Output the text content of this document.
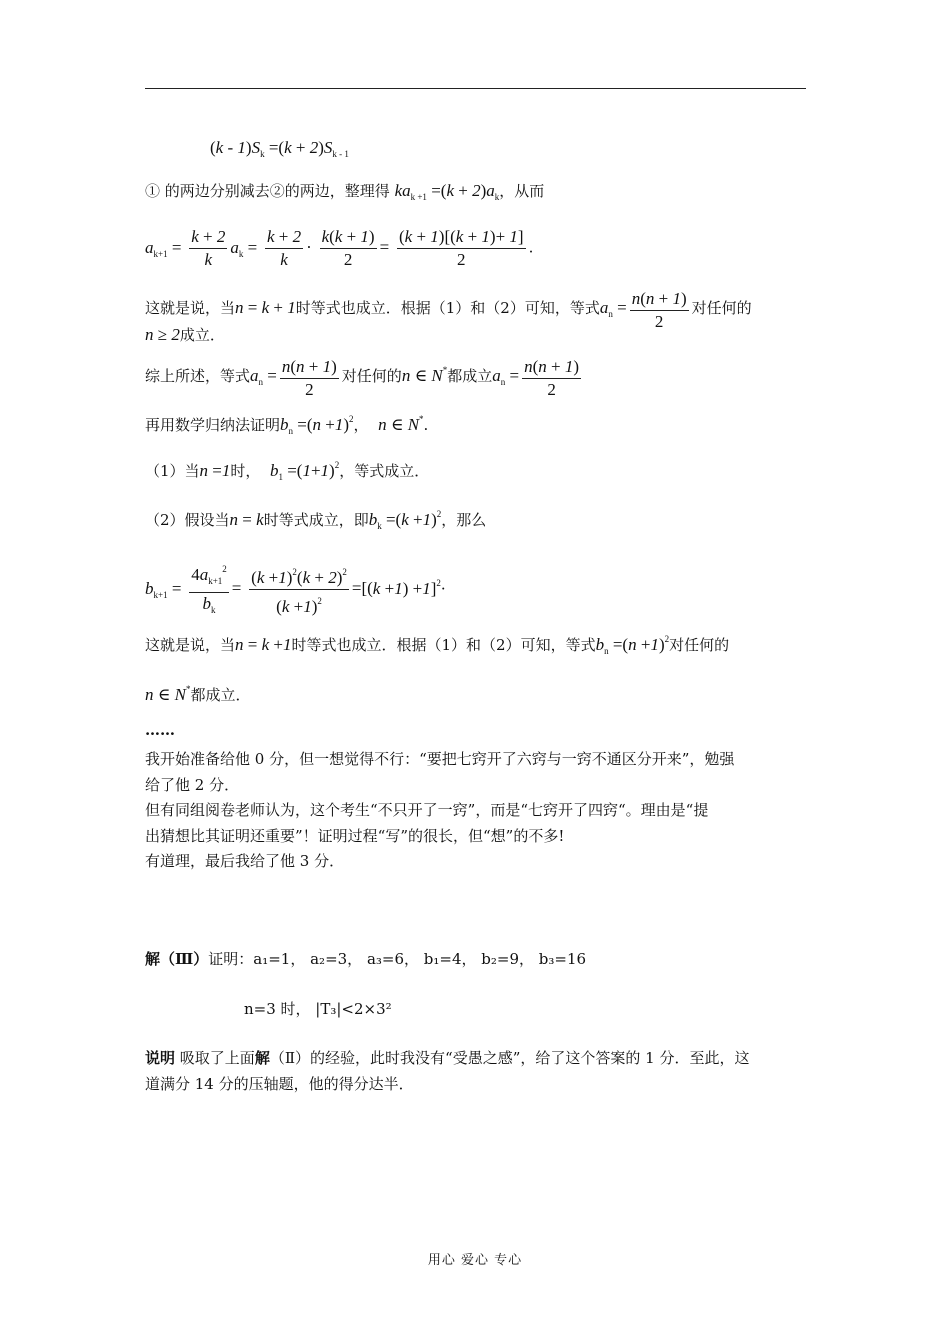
$(k - 1)S_k =(k + 2)S_{k - 1}$
① 的两边分别减去②的两边，整理得 $ka_{k +1} =(k + 2)a_k$，从而
$a_{k+1} = \frac{k + 2}{k} a_k = \frac{k + 2}{k} \cdot \frac{k(k + 1)}{2} = \frac{(k + 1)[(k + 1)+ 1]}{2}$ .
这就是说，当n = k + 1时等式也成立．根据（1）和（2）可知，等式$a_n = \frac{n(n + 1)}{2}$ 对任何的
n ≥ 2成立．
综上所述，等式$a_n = \frac{n(n + 1)}{2}$ 对任何的n ∈ N*都成立$a_n = \frac{n(n + 1)}{2}$
再用数学归纳法证明$b_n =(n +1)^2$， n ∈ N*.
（1）当n =1时， $b_1 =(1+1)^2$，等式成立．
（2）假设当n = k时等式成立，即$b_k =(k +1)^2$，那么
$b_{k+1} = \frac{4a_{k+1}^2}{b_k} = \frac{(k +1)^2(k + 2)^2}{(k +1)^2} =[(k +1) +1]^2\cdot$
这就是说，当n = k +1时等式也成立．根据（1）和（2）可知，等式$b_n =(n +1)^2$对任何的
n ∈ N*都成立．
……
我开始准备给他 0 分，但一想觉得不行：“要把七窍开了六窍与一窍不通区分开来”，勉强
给了他 2 分．
但有同组阅卷老师认为，这个考生“不只开了一窍”，而是“七窍开了四窍“。理由是“提
出猜想比其证明还重要”！证明过程“写”的很长，但“想”的不多!
有道理，最后我给了他 3 分．
解（Ⅲ）证明：a₁=1， a₂=3， a₃=6， b₁=4， b₂=9， b₃=16
n=3 时， |T₃|<2×3²
说明 吸取了上面解（Ⅱ）的经验，此时我没有“受愚之感”，给了这个答案的 1 分．至此，这
道满分 14 分的压轴题，他的得分达半．
用心 爱心 专心
